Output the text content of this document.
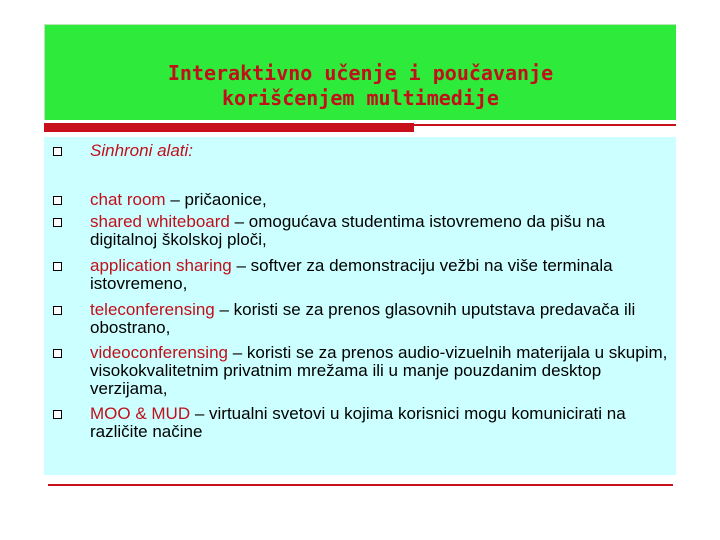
Interaktivno učenje i poučavanje
korišćenjem multimedije
Sinhroni alati:
chat room – pričaonice,
shared whiteboard – omogućava studentima istovremeno da pišu na digitalnoj školskoj ploči,
application sharing – softver za demonstraciju vežbi na više terminala istovremeno,
teleconferensing – koristi se za prenos glasovnih uputstava predavača ili obostrano,
videoconferensing – koristi se za prenos audio-vizuelnih materijala u skupim, visokokvalitetnim privatnim mrežama ili u manje pouzdanim desktop verzijama,
MOO & MUD – virtualni svetovi u kojima korisnici mogu komunicirati na različite načine
